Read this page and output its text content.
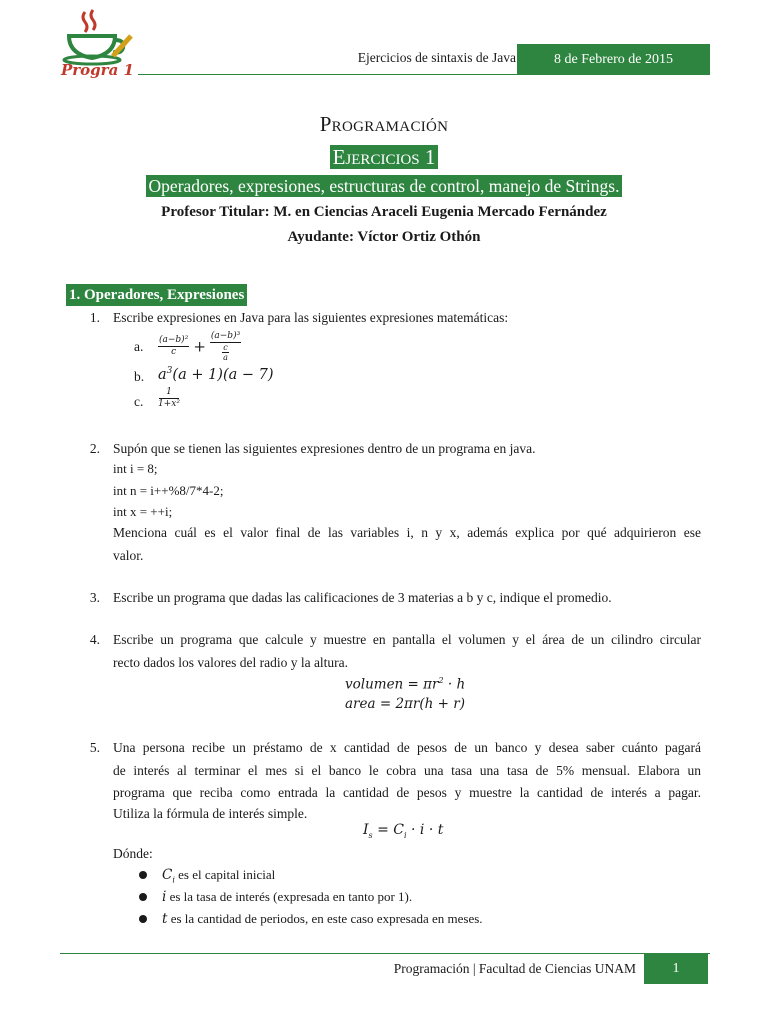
Progra 1
Ejercicios de sintaxis de Java	8 de Febrero de 2015
Programación
Ejercicios 1
Operadores, expresiones, estructuras de control, manejo de Strings.
Profesor Titular: M. en Ciencias Araceli Eugenia Mercado Fernández
Ayudante: Víctor Ortiz Othón
1. Operadores, Expresiones
1. Escribe expresiones en Java para las siguientes expresiones matemáticas:
a. $\frac{\text{(a−b)²}}{c} + \frac{\text{(a−b)³}}{\frac{c}{a}}$
b. $a^3(a + 1)(a - 7)$
c. $\frac{1}{\text{1+x²}}$
2. Supón que se tienen las siguientes expresiones dentro de un programa en java.
int i = 8;
int n = i++%8/7*4-2;
int x = ++i;
Menciona cuál es el valor final de las variables i, n y x, además explica por qué adquirieron ese
valor.
3. Escribe un programa que dadas las calificaciones de 3 materias a b y c, indique el promedio.
4. Escribe un programa que calcule y muestre en pantalla el volumen y el área de un cilindro circular
recto dados los valores del radio y la altura.
volumen = $\pi r^2 \cdot h$
area = 2πr(h + r)
5. Una persona recibe un préstamo de x cantidad de pesos de un banco y desea saber cuánto pagará
de interés al terminar el mes si el banco le cobra una tasa una tasa de 5% mensual. Elabora un
programa que reciba como entrada la cantidad de pesos y muestre la cantidad de interés a pagar.
Utiliza la fórmula de interés simple.
$I_s = C_i \cdot i \cdot t$
Dónde:
$C_i$ es el capital inicial
i es la tasa de interés (expresada en tanto por 1).
t es la cantidad de periodos, en este caso expresada en meses.
Programación | Facultad de Ciencias UNAM	1
